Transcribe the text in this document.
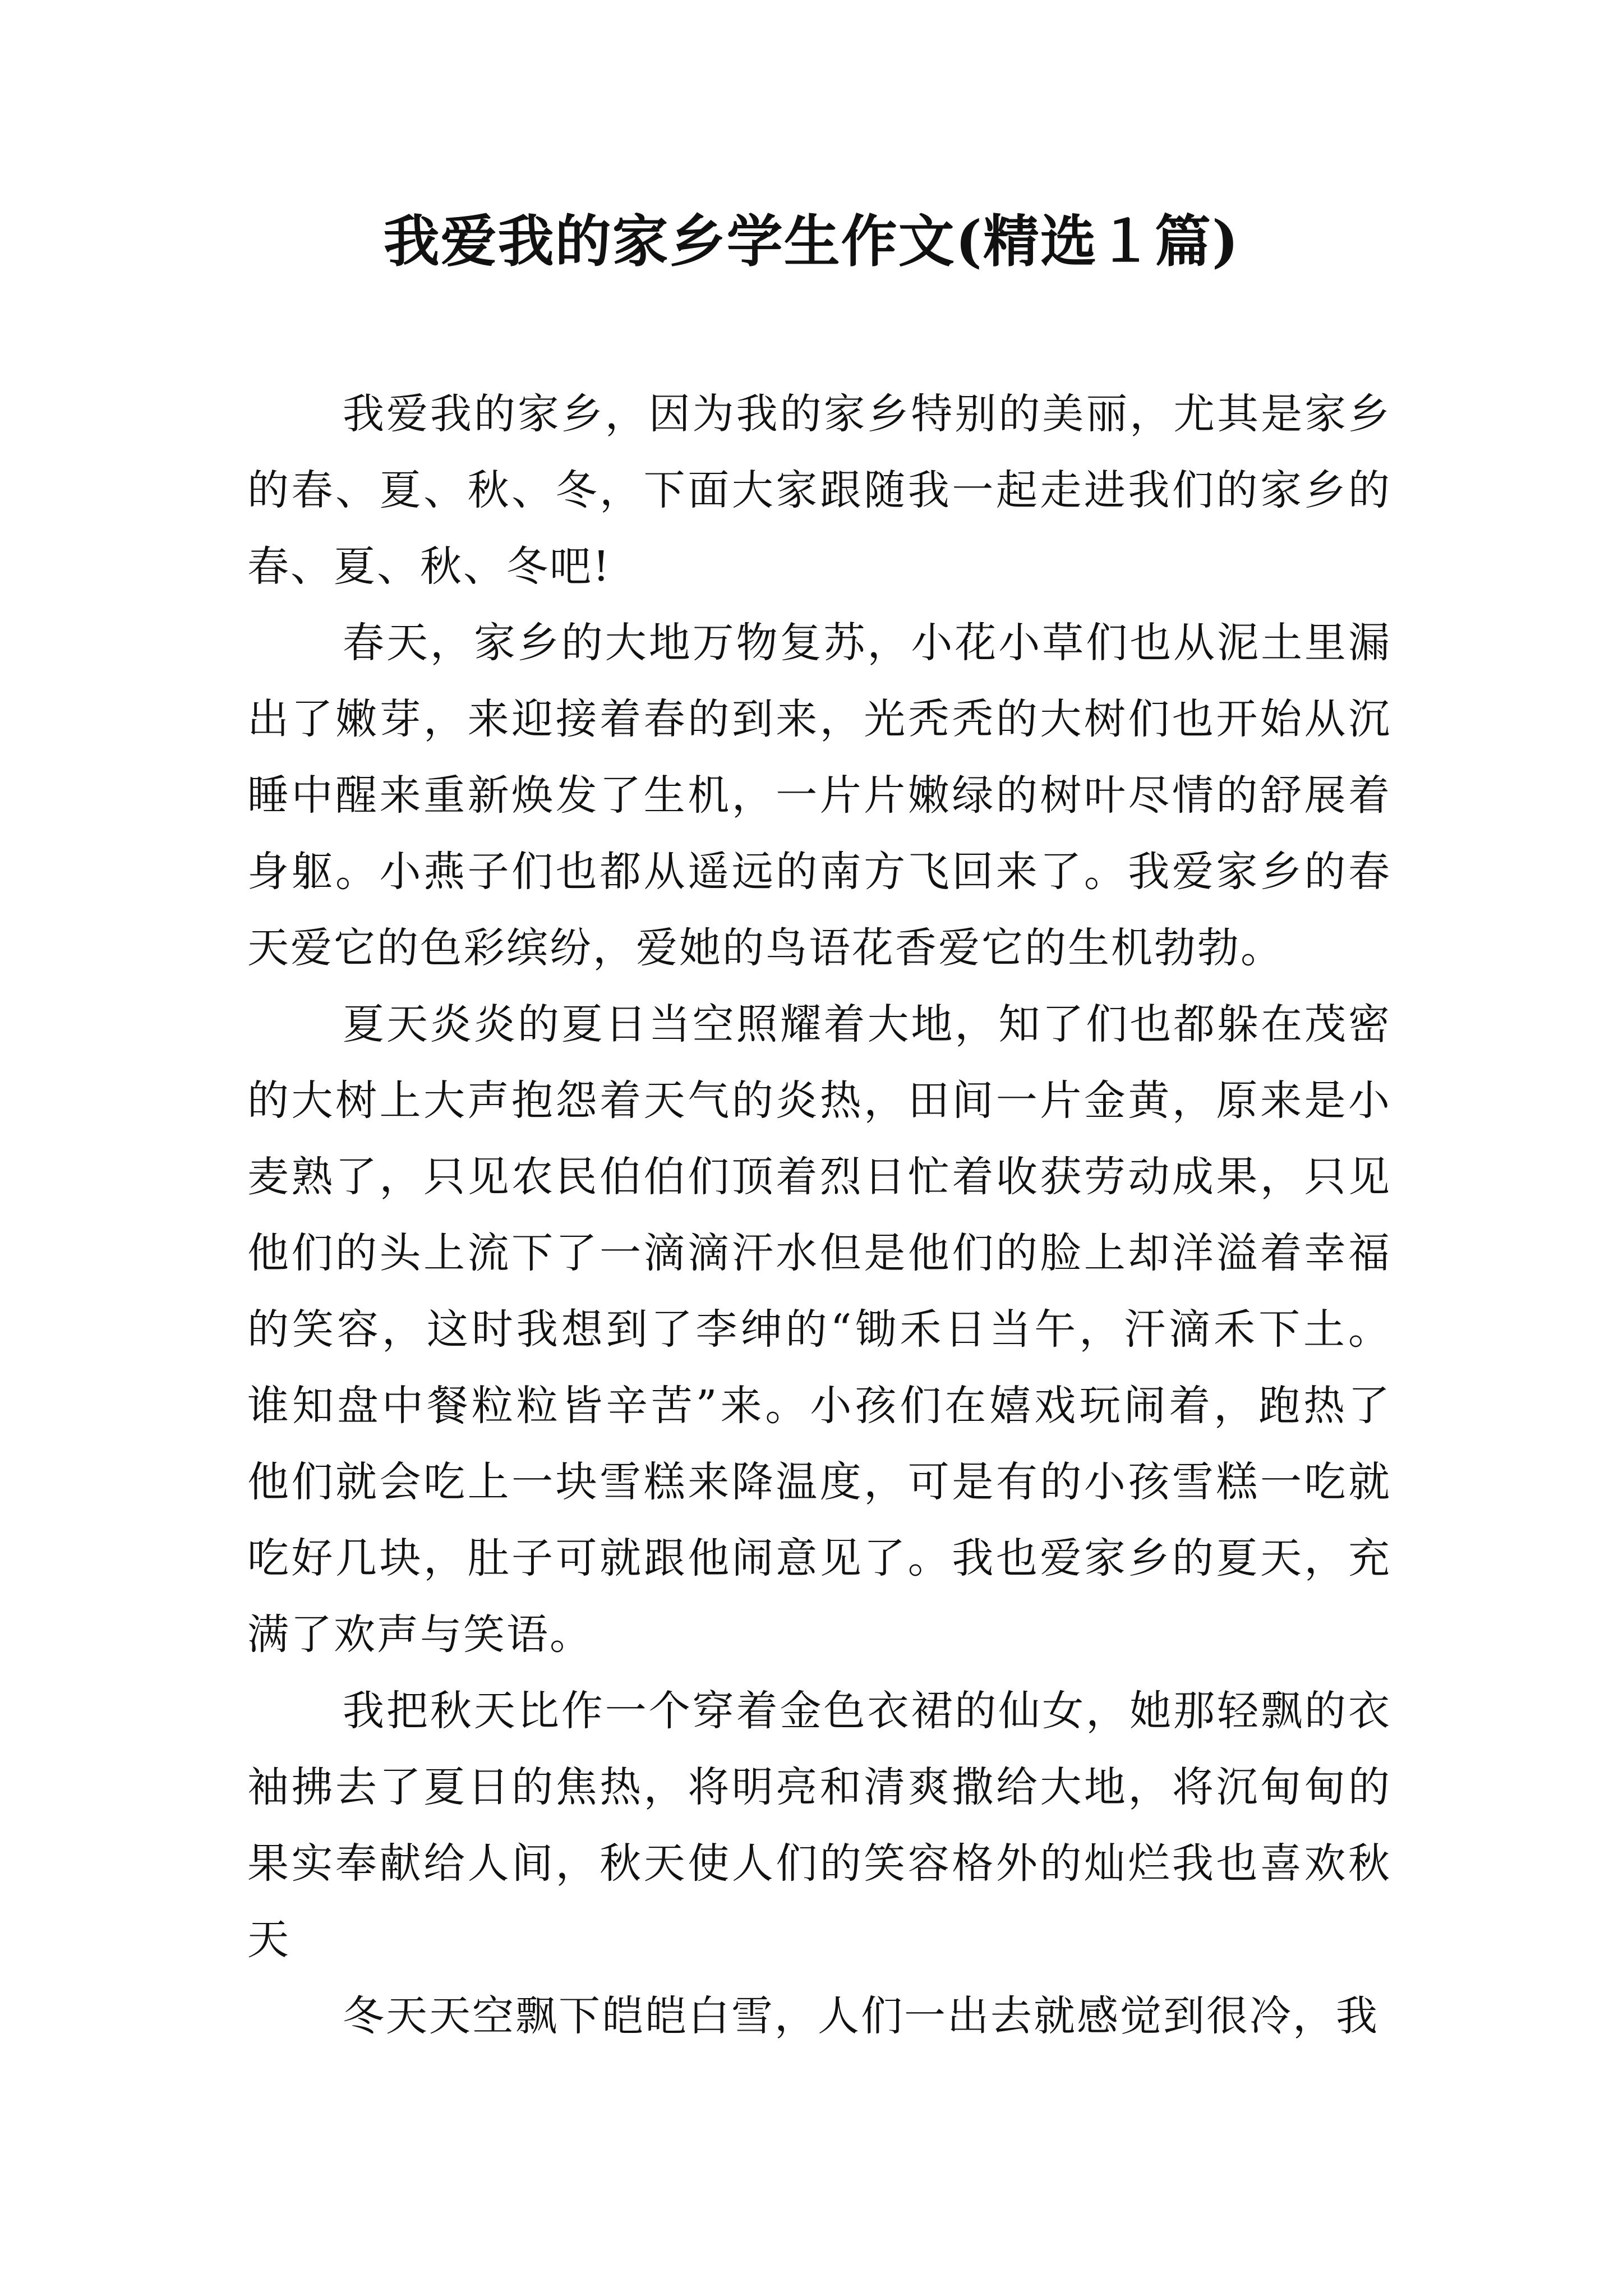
我爱我的家乡学生作文(精选１篇)

我爱我的家乡，因为我的家乡特别的美丽，尤其是家乡的春、夏、秋、冬，下面大家跟随我一起走进我们的家乡的春、夏、秋、冬吧!

春天，家乡的大地万物复苏，小花小草们也从泥土里漏出了嫩芽，来迎接着春的到来，光秃秃的大树们也开始从沉睡中醒来重新焕发了生机，一片片嫩绿的树叶尽情的舒展着身躯。小燕子们也都从遥远的南方飞回来了。我爱家乡的春天爱它的色彩缤纷，爱她的鸟语花香爱它的生机勃勃。

夏天炎炎的夏日当空照耀着大地，知了们也都躲在茂密的大树上大声抱怨着天气的炎热，田间一片金黄，原来是小麦熟了，只见农民伯伯们顶着烈日忙着收获劳动成果，只见他们的头上流下了一滴滴汗水但是他们的脸上却洋溢着幸福的笑容，这时我想到了李绅的“锄禾日当午，汗滴禾下土。谁知盘中餐粒粒皆辛苦”来。小孩们在嬉戏玩闹着，跑热了他们就会吃上一块雪糕来降温度，可是有的小孩雪糕一吃就吃好几块，肚子可就跟他闹意见了。我也爱家乡的夏天，充满了欢声与笑语。

我把秋天比作一个穿着金色衣裙的仙女，她那轻飘的衣袖拂去了夏日的焦热，将明亮和清爽撒给大地，将沉甸甸的果实奉献给人间，秋天使人们的笑容格外的灿烂我也喜欢秋天

冬天天空飘下皑皑白雪，人们一出去就感觉到很冷，我
